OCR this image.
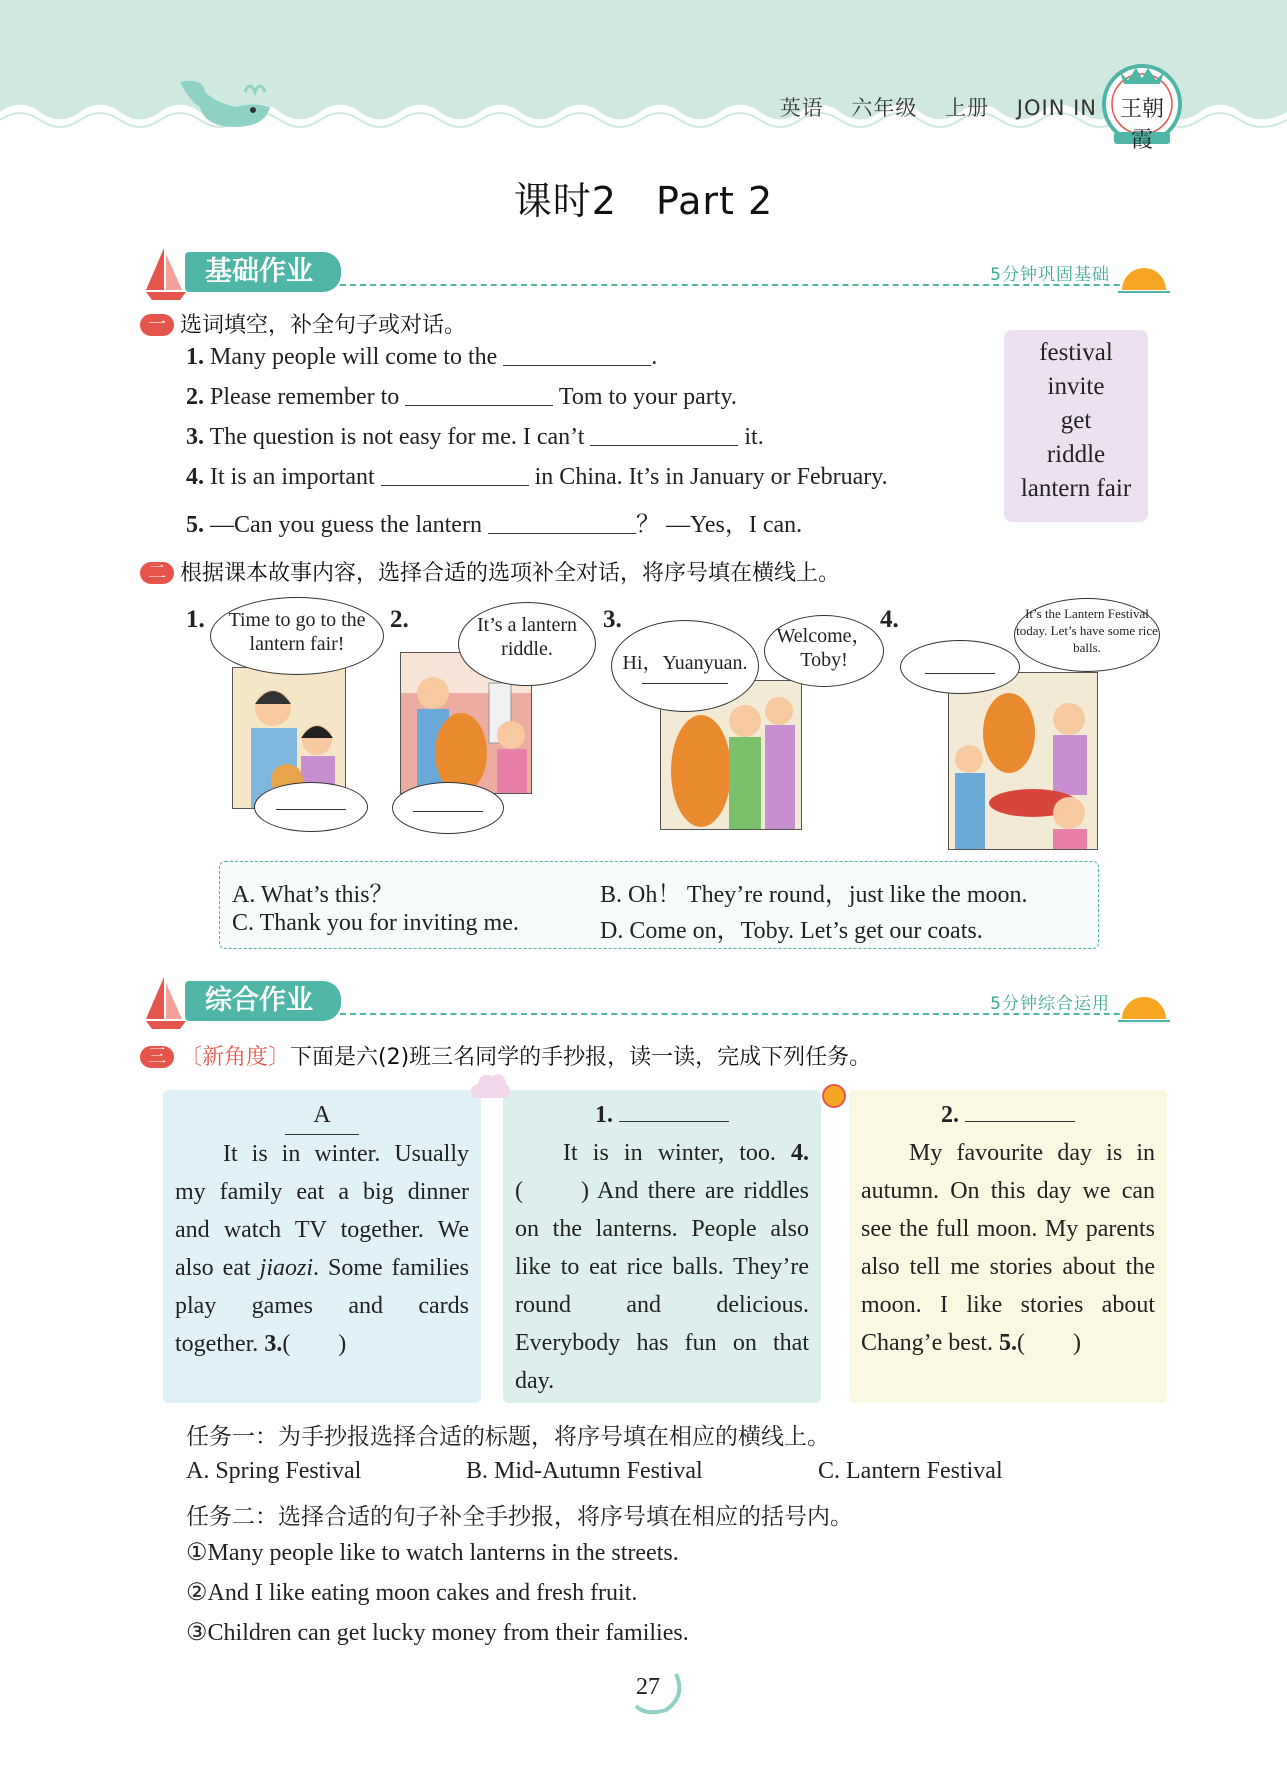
英语 六年级 上册 JOIN IN	王朝霞
课时2　Part 2
基础作业	5分钟巩固基础
一 选词填空，补全句子或对话。
1. Many people will come to the	.
2. Please remember to	Tom to your party.
3. The question is not easy for me. I can’t	it.
4. It is an important	in China. It’s in January or February.
5. —Can you guess the lantern	？ —Yes，I can.
festival
invite
get
riddle
lantern fair
二 根据课本故事内容，选择合适的选项补全对话，将序号填在横线上。
1.	Time to go to the lantern fair!
2.	It’s a lantern riddle.
3.
Hi，Yuanyuan.
Welcome，Toby!
4.	It’s the Lantern Festival today. Let’s have some rice balls.
A. What’s this？	B. Oh！ They’re round，just like the moon.
C. Thank you for inviting me.	D. Come on，Toby. Let’s get our coats.
综合作业	5分钟综合运用
三 〔新角度〕下面是六(2)班三名同学的手抄报，读一读，完成下列任务。
A
It is in winter. Usually my family eat a big dinner and watch TV together. We also eat jiaozi. Some families play games and cards together. 3.(　　)
1.
It is in winter, too. 4.(　　) And there are riddles on the lanterns. People also like to eat rice balls. They’re round and delicious. Everybody has fun on that day.
2.
My favourite day is in autumn. On this day we can see the full moon. My parents also tell me stories about the moon. I like stories about Chang’e best. 5.(　　)
任务一：为手抄报选择合适的标题，将序号填在相应的横线上。
A. Spring Festival	B. Mid-Autumn Festival	C. Lantern Festival
任务二：选择合适的句子补全手抄报，将序号填在相应的括号内。
①Many people like to watch lanterns in the streets.
②And I like eating moon cakes and fresh fruit.
③Children can get lucky money from their families.
27
